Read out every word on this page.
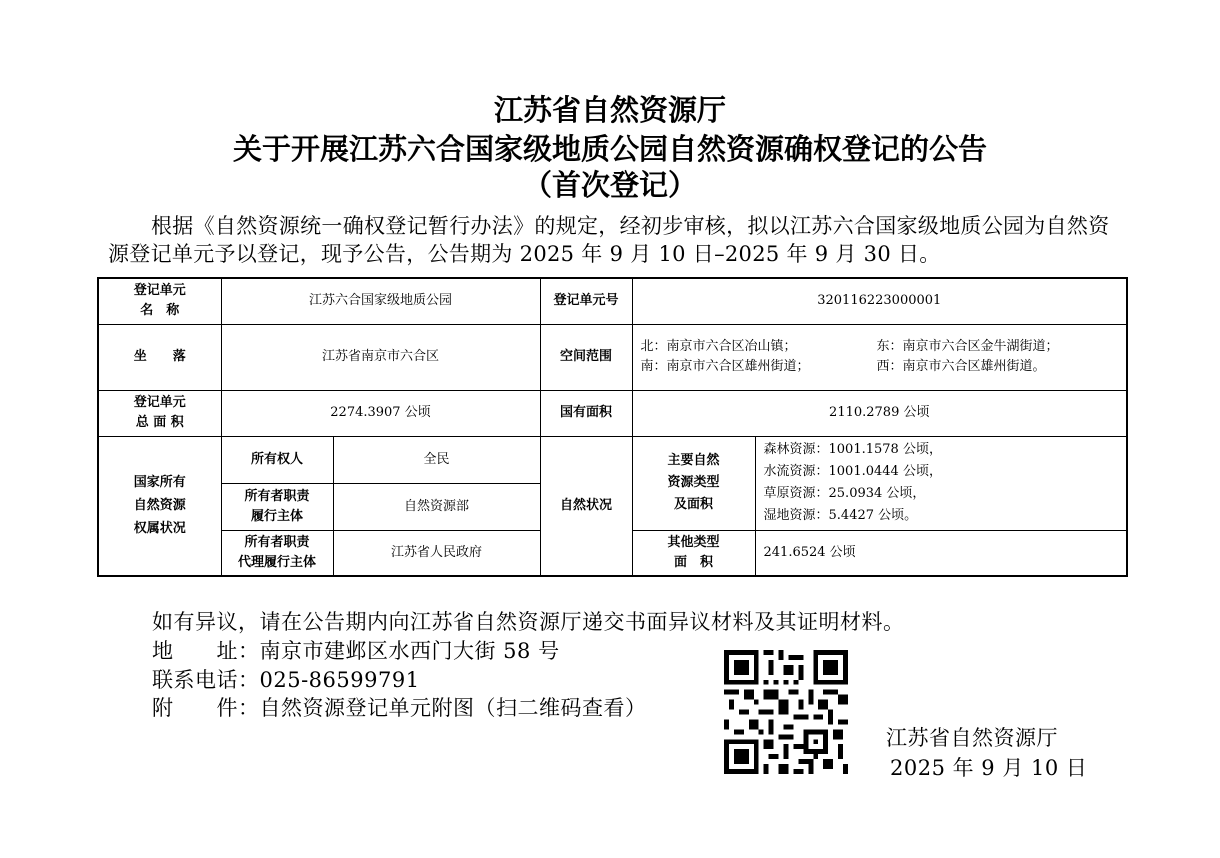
江苏省自然资源厅
关于开展江苏六合国家级地质公园自然资源确权登记的公告
（首次登记）
根据《自然资源统一确权登记暂行办法》的规定，经初步审核，拟以江苏六合国家级地质公园为自然资源登记单元予以登记，现予公告，公告期为 2025 年 9 月 10 日–2025 年 9 月 30 日。
登记单元
名　称	江苏六合国家级地质公园		登记单元号	320116223000001	
坐　　落	江苏省南京市六合区		空间范围	北：南京市六合区冶山镇； 东：南京市六合区金牛湖街道；
南：南京市六合区雄州街道； 西：南京市六合区雄州街道。	

登记单元
总 面 积	2274.3907 公顷		国有面积	2110.2789 公顷	

国家所有
自然资源
权属状况	所有权人	全民	自然状况	主要自然
资源类型
及面积	森林资源：1001.1578 公顷，
水流资源：1001.0444 公顷，
草原资源：25.0934 公顷，
湿地资源：5.4427 公顷。

	所有者职责
履行主体	自然资源部			

	所有者职责
代理履行主体	江苏省人民政府		其他类型
面　积	241.6524 公顷
如有异议，请在公告期内向江苏省自然资源厅递交书面异议材料及其证明材料。
地　　址：南京市建邺区水西门大街 58 号
联系电话：025-86599791
附　　件：自然资源登记单元附图（扫二维码查看）
江苏省自然资源厅
2025 年 9 月 10 日
